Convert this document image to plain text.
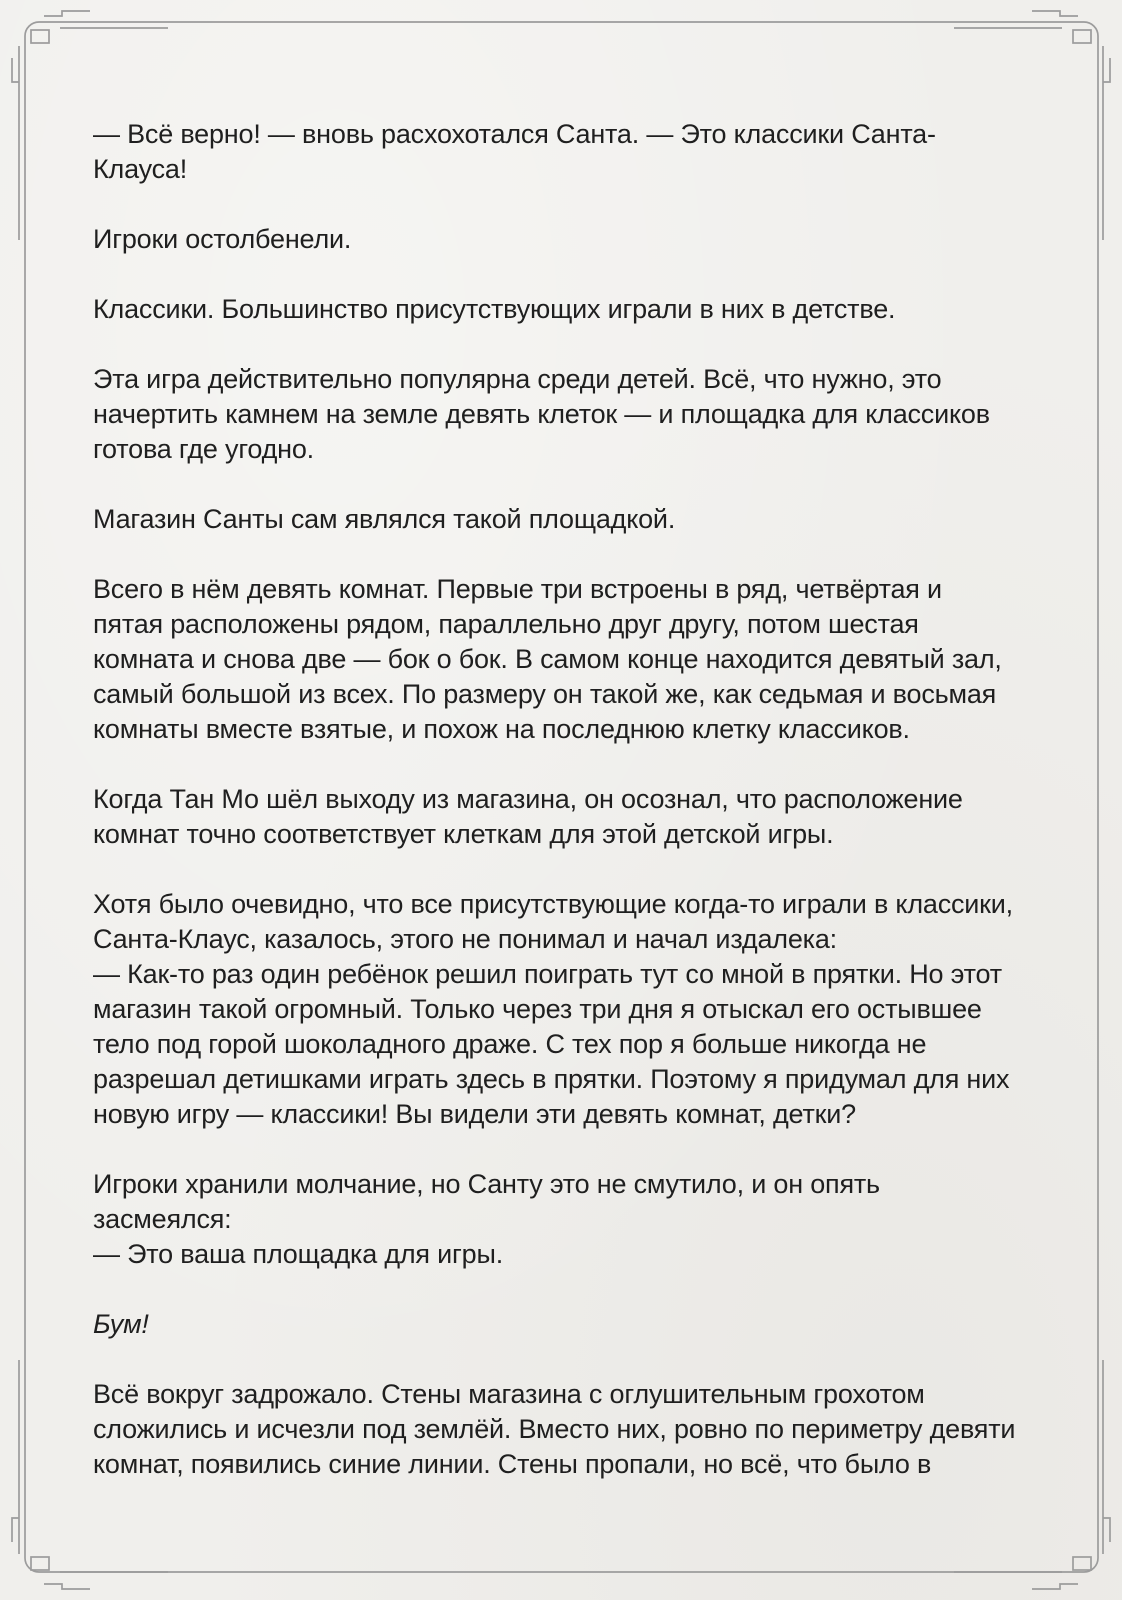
— Всё верно! — вновь расхохотался Санта. — Это классики Санта-Клауса!

Игроки остолбенели.

Классики. Большинство присутствующих играли в них в детстве.

Эта игра действительно популярна среди детей. Всё, что нужно, это начертить камнем на земле девять клеток — и площадка для классиков готова где угодно.

Магазин Санты сам являлся такой площадкой.

Всего в нём девять комнат. Первые три встроены в ряд, четвёртая и пятая расположены рядом, параллельно друг другу, потом шестая комната и снова две — бок о бок. В самом конце находится девятый зал, самый большой из всех. По размеру он такой же, как седьмая и восьмая комнаты вместе взятые, и похож на последнюю клетку классиков.

Когда Тан Мо шёл выходу из магазина, он осознал, что расположение комнат точно соответствует клеткам для этой детской игры.

Хотя было очевидно, что все присутствующие когда-то играли в классики, Санта-Клаус, казалось, этого не понимал и начал издалека:

— Как-то раз один ребёнок решил поиграть тут со мной в прятки. Но этот магазин такой огромный. Только через три дня я отыскал его остывшее тело под горой шоколадного драже. С тех пор я больше никогда не разрешал детишками играть здесь в прятки. Поэтому я придумал для них новую игру — классики! Вы видели эти девять комнат, детки?

Игроки хранили молчание, но Санту это не смутило, и он опять засмеялся:

— Это ваша площадка для игры.

Бум!

Всё вокруг задрожало. Стены магазина с оглушительным грохотом сложились и исчезли под землёй. Вместо них, ровно по периметру девяти комнат, появились синие линии. Стены пропали, но всё, что было в
